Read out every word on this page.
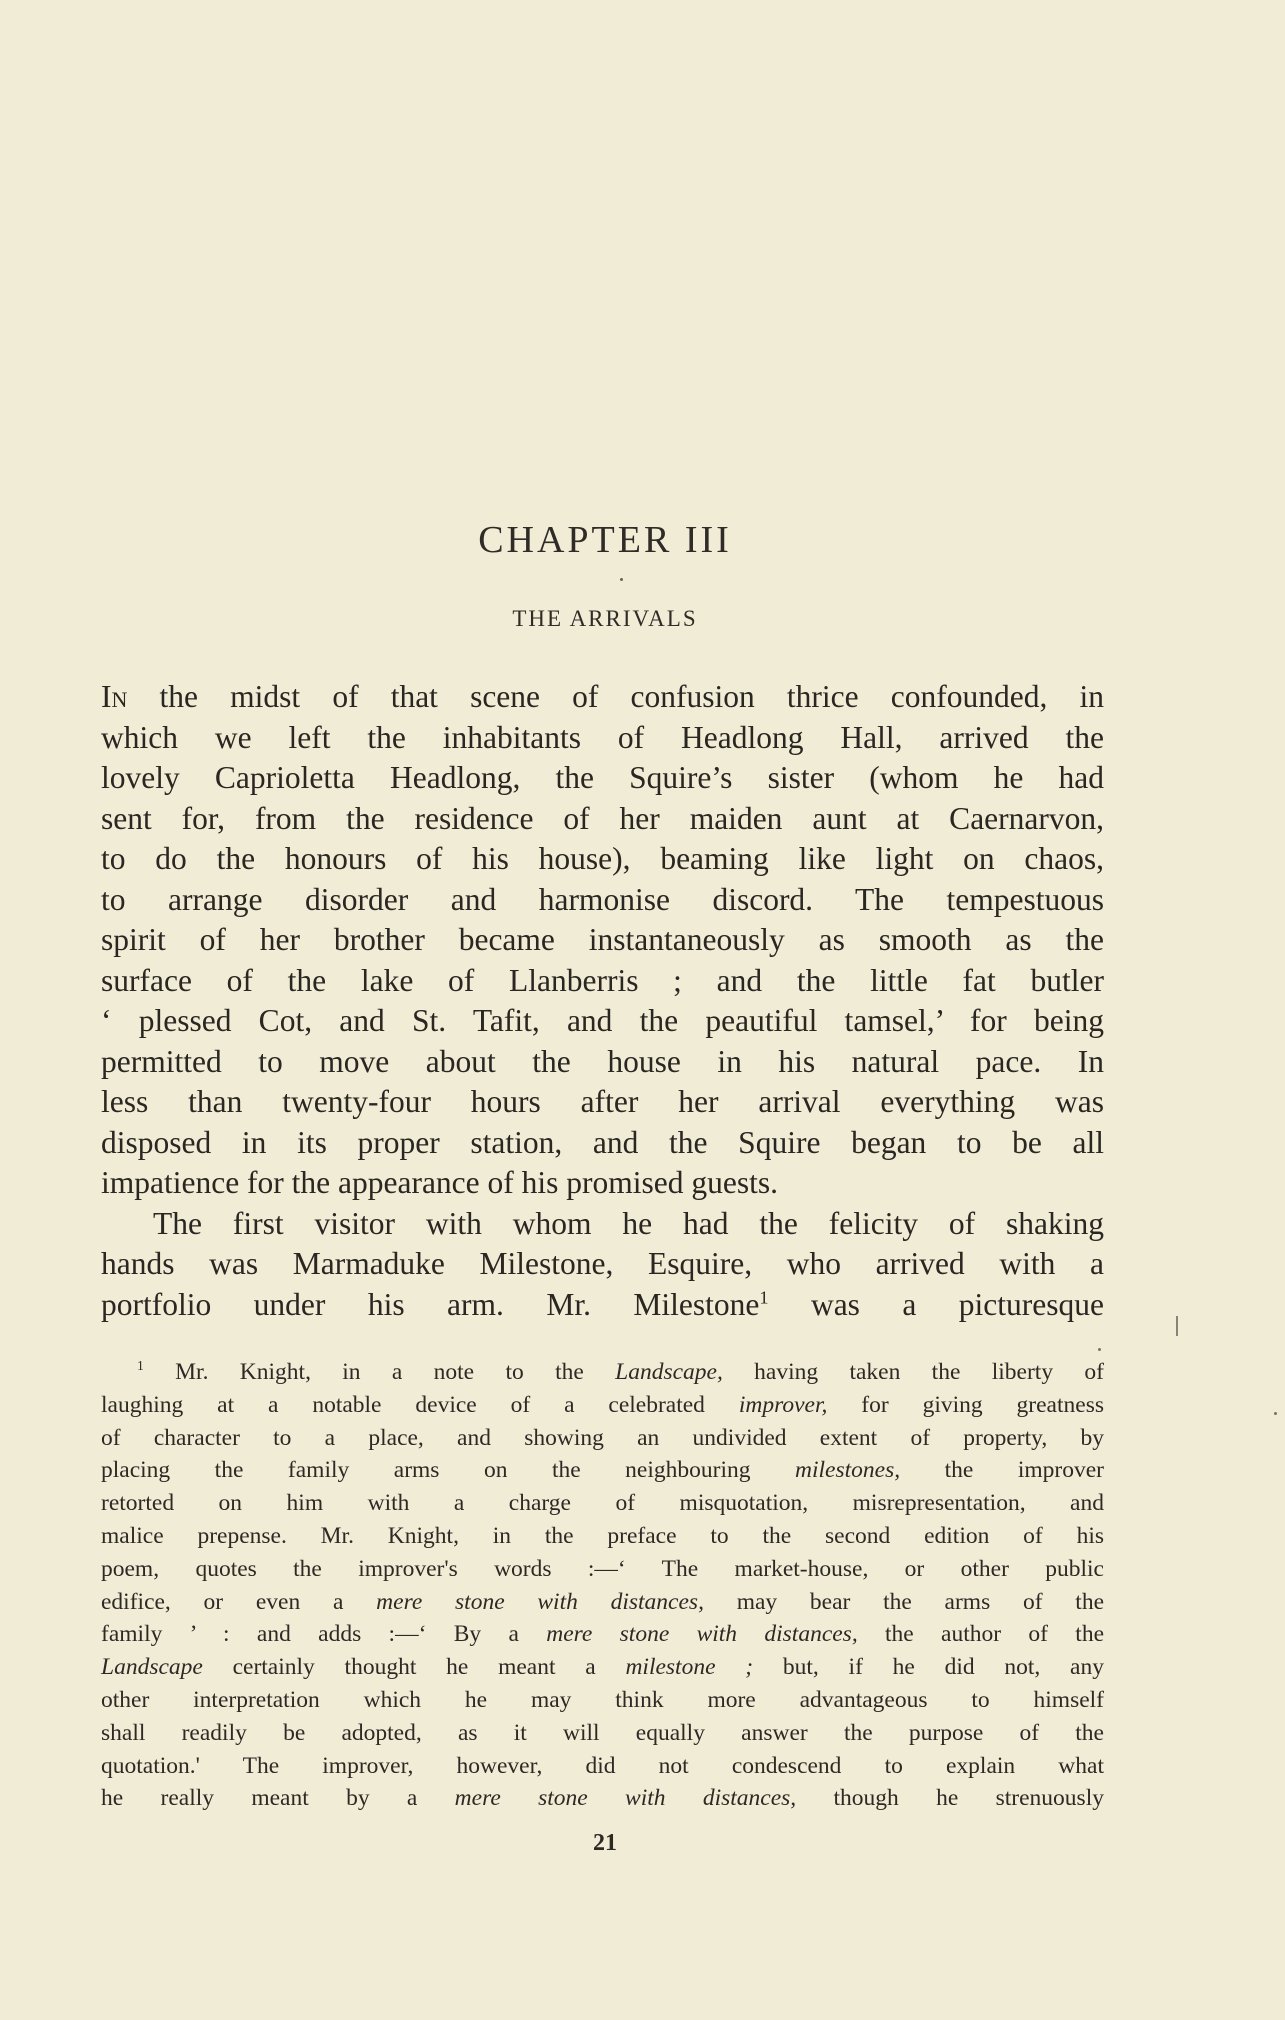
CHAPTER III
THE ARRIVALS
In the midst of that scene of confusion thrice confounded, in
which we left the inhabitants of Headlong Hall, arrived the
lovely Caprioletta Headlong, the Squire’s sister (whom he had
sent for, from the residence of her maiden aunt at Caernarvon,
to do the honours of his house), beaming like light on chaos,
to arrange disorder and harmonise discord. The tempestuous
spirit of her brother became instantaneously as smooth as the
surface of the lake of Llanberris ; and the little fat butler
‘ plessed Cot, and St. Tafit, and the peautiful tamsel,’ for being
permitted to move about the house in his natural pace. In
less than twenty-four hours after her arrival everything was
disposed in its proper station, and the Squire began to be all
impatience for the appearance of his promised guests.
The first visitor with whom he had the felicity of shaking
hands was Marmaduke Milestone, Esquire, who arrived with a
portfolio under his arm. Mr. Milestone$^1$ was a picturesque
$^1$ Mr. Knight, in a note to the Landscape, having taken the liberty of
laughing at a notable device of a celebrated improver, for giving greatness
of character to a place, and showing an undivided extent of property, by
placing the family arms on the neighbouring milestones, the improver
retorted on him with a charge of misquotation, misrepresentation, and
malice prepense. Mr. Knight, in the preface to the second edition of his
poem, quotes the improver's words :—‘ The market-house, or other public
edifice, or even a mere stone with distances, may bear the arms of the
family ’ : and adds :—‘ By a mere stone with distances, the author of the
Landscape certainly thought he meant a milestone ; but, if he did not, any
other interpretation which he may think more advantageous to himself
shall readily be adopted, as it will equally answer the purpose of the
quotation.' The improver, however, did not condescend to explain what
he really meant by a mere stone with distances, though he strenuously
21
